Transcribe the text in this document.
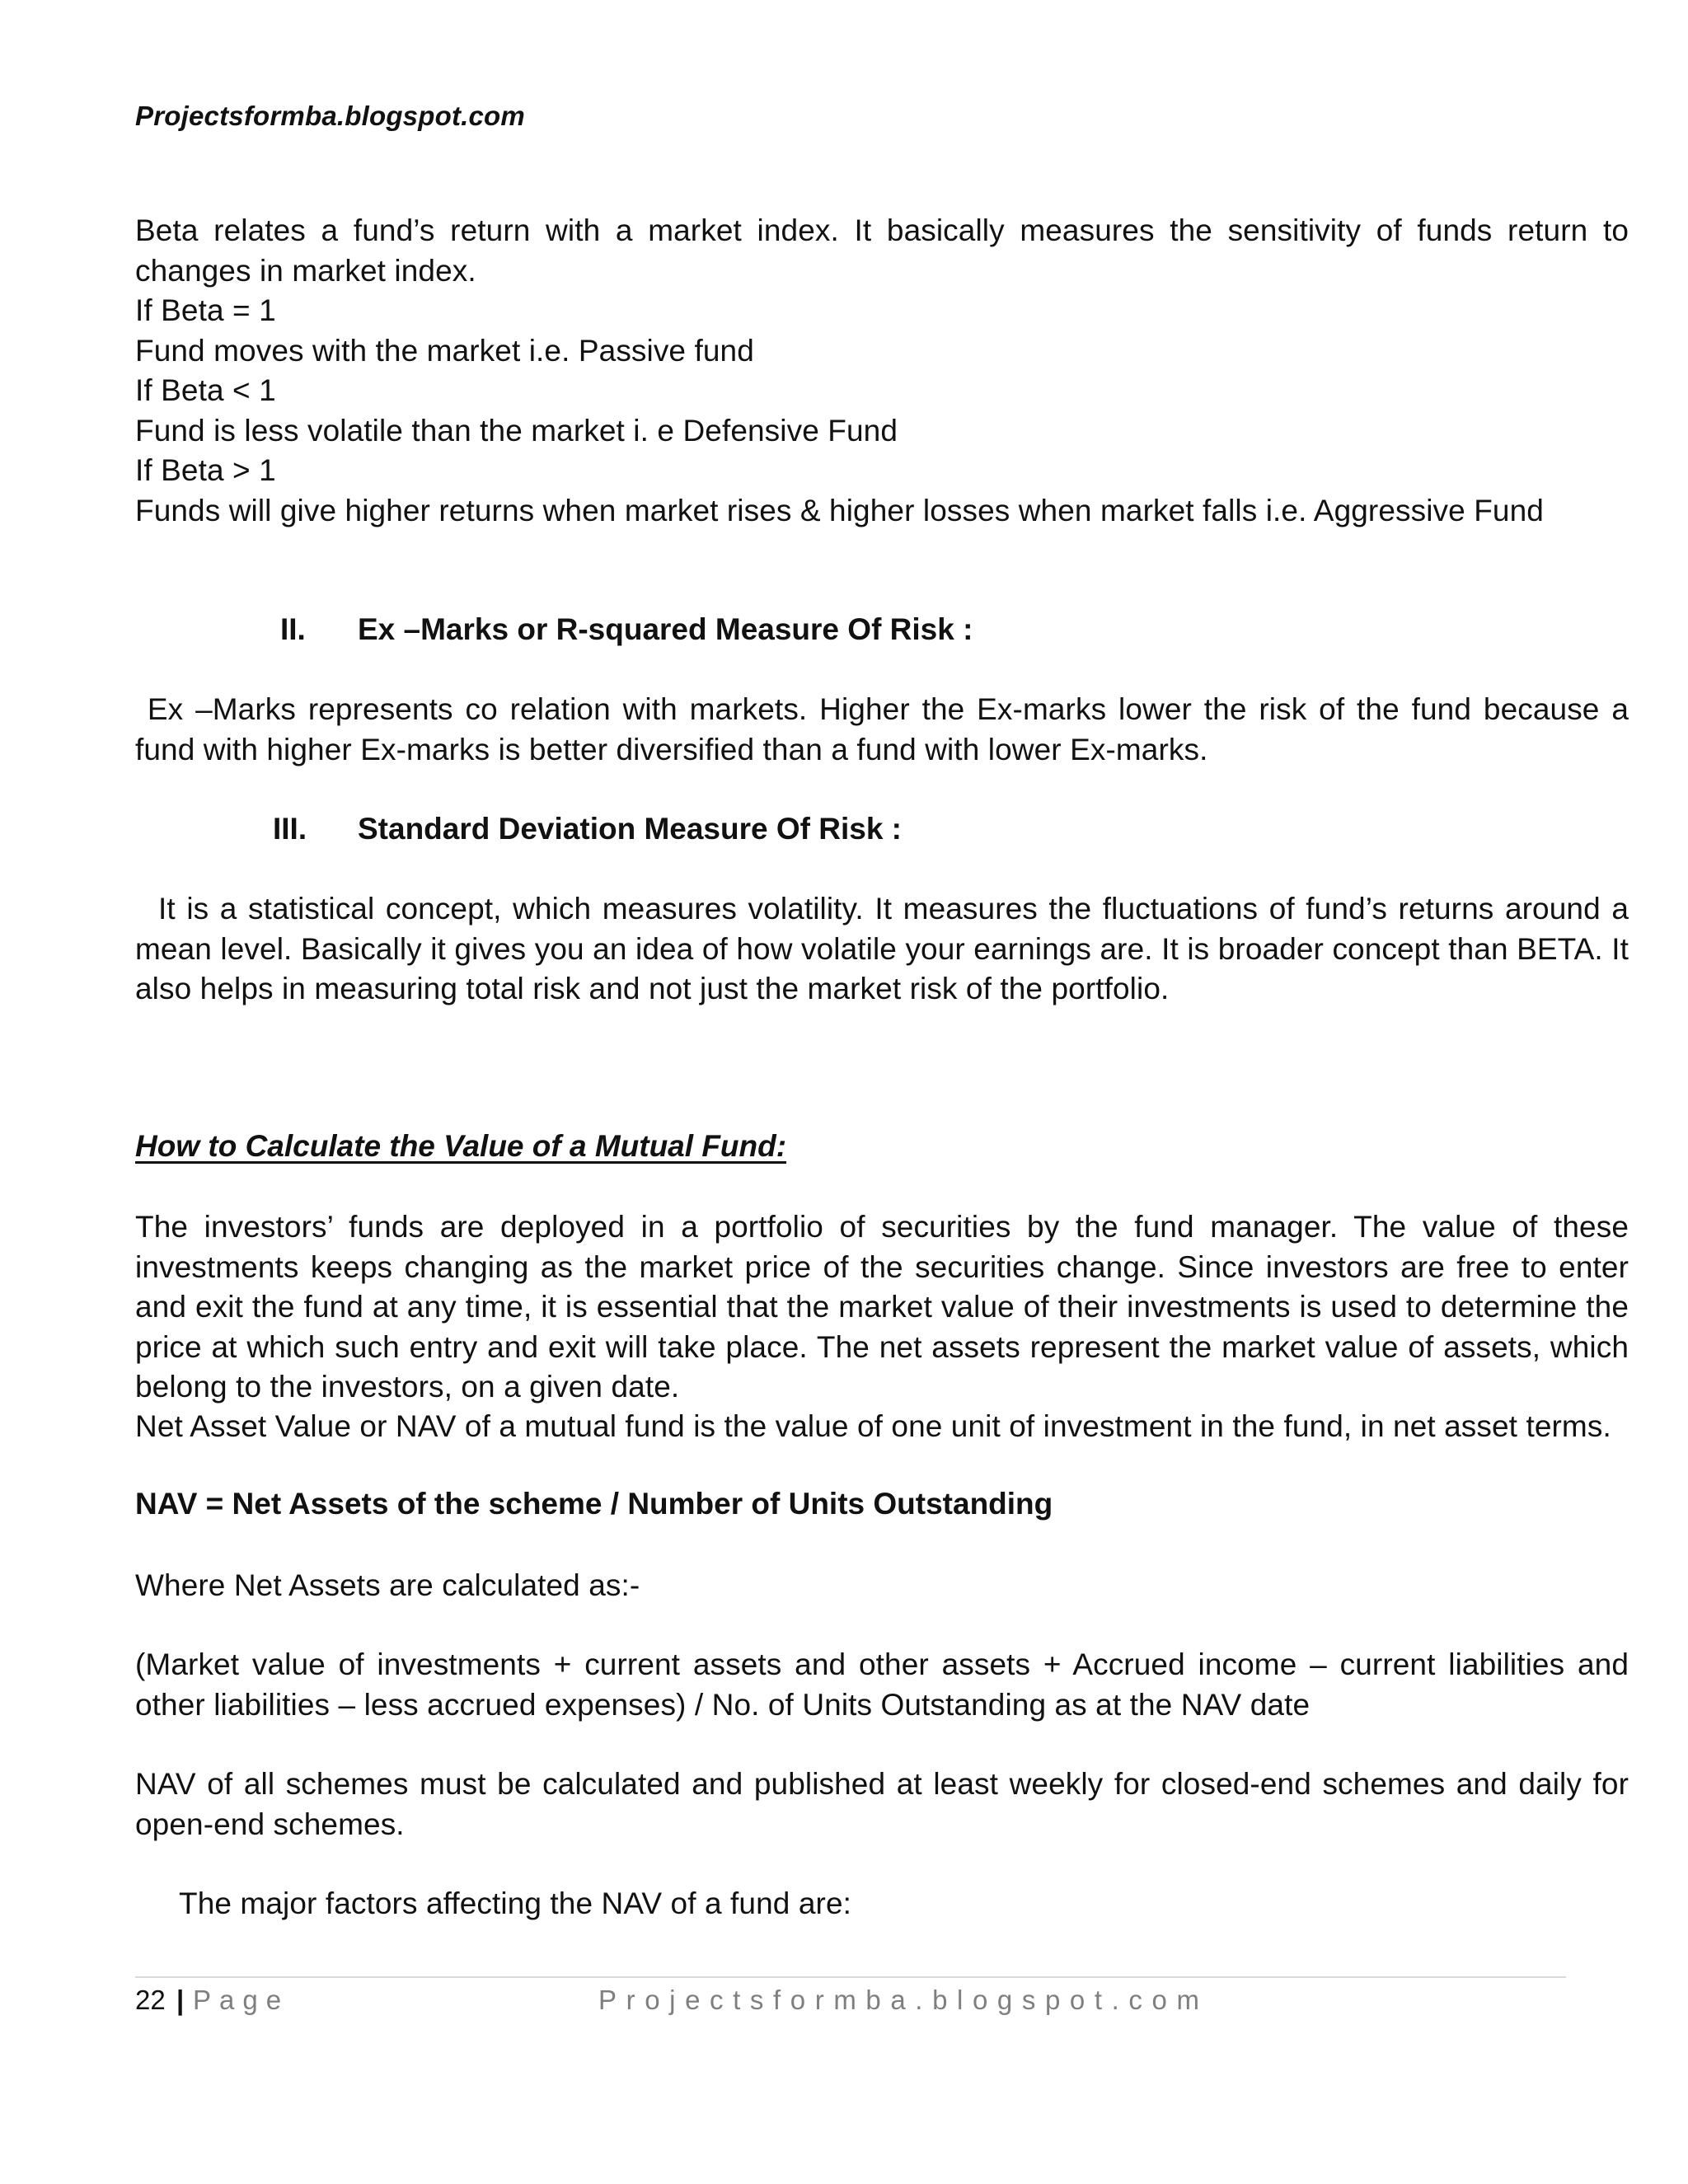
Projectsformba.blogspot.com
Beta relates a fund’s return with a market index. It basically measures the sensitivity of funds return to changes in market index.

If Beta = 1

Fund moves with the market i.e. Passive fund

If Beta < 1

Fund is less volatile than the market i. e Defensive Fund

If Beta > 1

Funds will give higher returns when market rises & higher losses when market falls i.e. Aggressive Fund

II. Ex –Marks or R-squared Measure Of Risk :
Ex –Marks represents co relation with markets. Higher the Ex-marks lower the risk of the fund because a fund with higher Ex-marks is better diversified than a fund with lower Ex-marks.
III. Standard Deviation Measure Of Risk :
It is a statistical concept, which measures volatility. It measures the fluctuations of fund’s returns around a mean level. Basically it gives you an idea of how volatile your earnings are. It is broader concept than BETA. It also helps in measuring total risk and not just the market risk of the portfolio.
How to Calculate the Value of a Mutual Fund:
The investors’ funds are deployed in a portfolio of securities by the fund manager. The value of these investments keeps changing as the market price of the securities change. Since investors are free to enter and exit the fund at any time, it is essential that the market value of their investments is used to determine the price at which such entry and exit will take place. The net assets represent the market value of assets, which belong to the investors, on a given date.
Net Asset Value or NAV of a mutual fund is the value of one unit of investment in the fund, in net asset terms.
NAV = Net Assets of the scheme / Number of Units Outstanding
Where Net Assets are calculated as:-
(Market value of investments + current assets and other assets + Accrued income – current liabilities and other liabilities – less accrued expenses) / No. of Units Outstanding as at the NAV date
NAV of all schemes must be calculated and published at least weekly for closed-end schemes and daily for open-end schemes.
The major factors affecting the NAV of a fund are:
22 | Page	Projectsformba.blogspot.com
